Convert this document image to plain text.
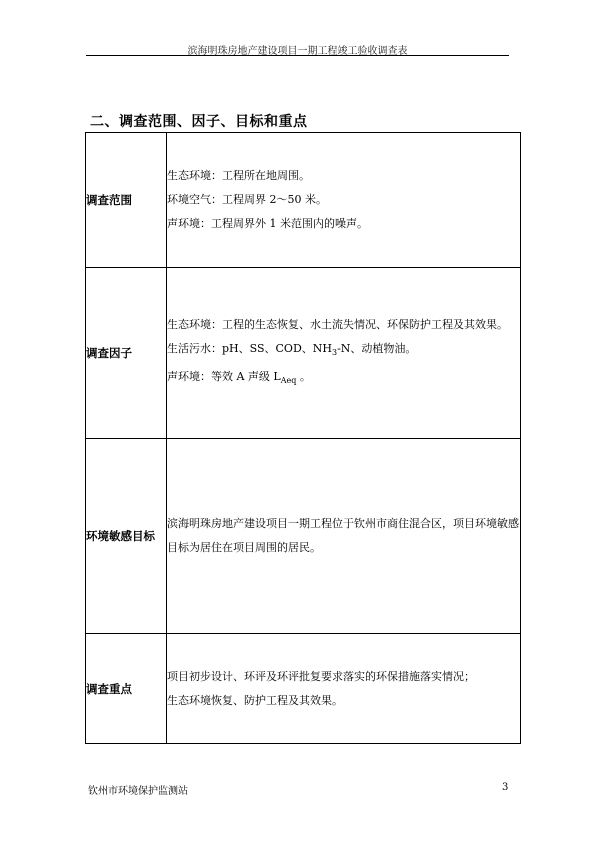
滨海明珠房地产建设项目一期工程竣工验收调查表
二、调查范围、因子、目标和重点
调查范围	生态环境：工程所在地周围。
环境空气：工程周界 2～50 米。
声环境：工程周界外 1 米范围内的噪声。

调查因子	生态环境：工程的生态恢复、水土流失情况、环保防护工程及其效果。
生活污水：pH、SS、COD、$NH_3-N$、动植物油。
声环境：等效 A 声级 $L_{Aeq}$ 。

环境敏感目标	滨海明珠房地产建设项目一期工程位于钦州市商住混合区，项目环境敏感目标为居住在项目周围的居民。

调查重点	项目初步设计、环评及环评批复要求落实的环保措施落实情况；
生态环境恢复、防护工程及其效果。
钦州市环境保护监测站	3
